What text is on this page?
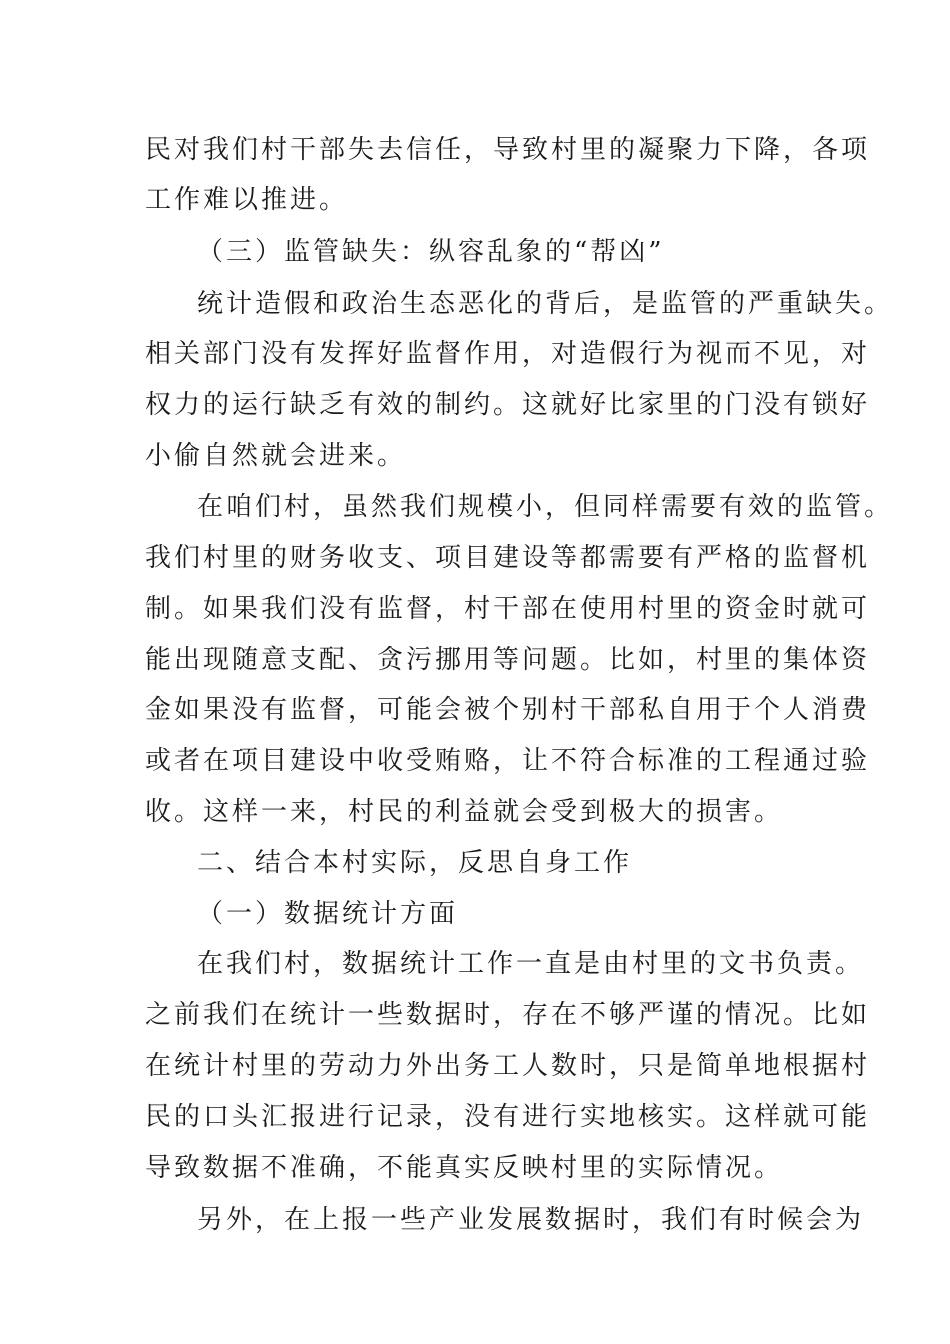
民对我们村干部失去信任，导致村里的凝聚力下降，各项
工作难以推进。
（三）监管缺失：纵容乱象的“帮凶”
统计造假和政治生态恶化的背后，是监管的严重缺失。
相关部门没有发挥好监督作用，对造假行为视而不见，对
权力的运行缺乏有效的制约。这就好比家里的门没有锁好
小偷自然就会进来。
在咱们村，虽然我们规模小，但同样需要有效的监管。
我们村里的财务收支、项目建设等都需要有严格的监督机
制。如果我们没有监督，村干部在使用村里的资金时就可
能出现随意支配、贪污挪用等问题。比如，村里的集体资
金如果没有监督，可能会被个别村干部私自用于个人消费
或者在项目建设中收受贿赂，让不符合标准的工程通过验
收。这样一来，村民的利益就会受到极大的损害。
二、结合本村实际，反思自身工作
（一）数据统计方面
在我们村，数据统计工作一直是由村里的文书负责。
之前我们在统计一些数据时，存在不够严谨的情况。比如
在统计村里的劳动力外出务工人数时，只是简单地根据村
民的口头汇报进行记录，没有进行实地核实。这样就可能
导致数据不准确，不能真实反映村里的实际情况。
另外，在上报一些产业发展数据时，我们有时候会为
